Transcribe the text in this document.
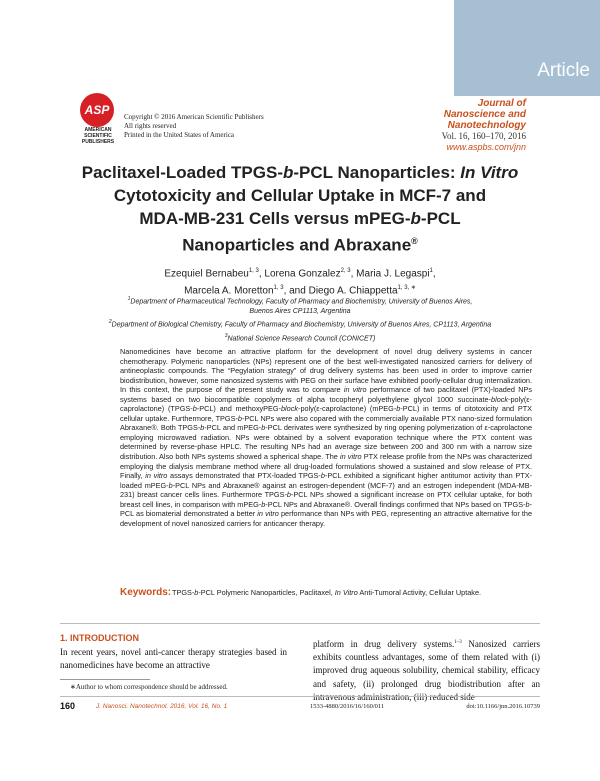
Article
ASP
AMERICAN
SCIENTIFIC
PUBLISHERS
Copyright © 2016 American Scientific Publishers
All rights reserved
Printed in the United States of America
Journal of
Nanoscience and Nanotechnology
Vol. 16, 160–170, 2016
www.aspbs.com/jnn
Paclitaxel-Loaded TPGS-b-PCL Nanoparticles: In Vitro
Cytotoxicity and Cellular Uptake in MCF-7 and
MDA-MB-231 Cells versus mPEG-b-PCL
Nanoparticles and Abraxane®
Ezequiel Bernabeu$^{1, 3}$, Lorena Gonzalez$^{2, 3}$, Maria J. Legaspi$^1$,
Marcela A. Moretton$^{1, 3}$, and Diego A. Chiappetta$^{1, 3, ∗}$
$^1$Department of Pharmaceutical Technology, Faculty of Pharmacy and Biochemistry, University of Buenos Aires,
Buenos Aires CP1113, Argentina
$^2$Department of Biological Chemistry, Faculty of Pharmacy and Biochemistry, University of Buenos Aires, CP1113, Argentina
$^3$National Science Research Council (CONICET)
Nanomedicines have become an attractive platform for the development of novel drug delivery systems in cancer chemotherapy. Polymeric nanoparticles (NPs) represent one of the best well-investigated nanosized carriers for delivery of antineoplastic compounds. The “Pegylation strategy” of drug delivery systems has been used in order to improve carrier biodistribution, however, some nanosized systems with PEG on their surface have exhibited poorly-cellular drug internalization. In this context, the purpose of the present study was to compare in vitro performance of two paclitaxel (PTX)-loaded NPs systems based on two biocompatible copolymers of alpha tocopheryl polyethylene glycol 1000 succinate-block-poly(ε-caprolactone) (TPGS-b-PCL) and methoxyPEG-block-poly(ε-caprolactone) (mPEG-b-PCL) in terms of citotoxicity and PTX cellular uptake. Furthermore, TPGS-b-PCL NPs were also copared with the commercially available PTX nano-sized formulation Abraxane®. Both TPGS-b-PCL and mPEG-b-PCL derivates were synthesized by ring opening polymerization of ε-caprolactone employing microwaved radiation. NPs were obtained by a solvent evaporation technique where the PTX content was determined by reverse-phase HPLC. The resulting NPs had an average size between 200 and 300 nm with a narrow size distribution. Also both NPs systems showed a spherical shape. The in vitro PTX release profile from the NPs was characterized employing the dialysis membrane method where all drug-loaded formulations showed a sustained and slow release of PTX. Finally, in vitro assays demonstrated that PTX-loaded TPGS-b-PCL exhibited a significant higher antitumor activity than PTX-loaded mPEG-b-PCL NPs and Abraxane® against an estrogen-dependent (MCF-7) and an estrogen independent (MDA-MB-231) breast cancer cells lines. Furthermore TPGS-b-PCL NPs showed a significant increase on PTX cellular uptake, for both breast cell lines, in comparison with mPEG-b-PCL NPs and Abraxane®. Overall findings confirmed that NPs based on TPGS-b-PCL as biomaterial demonstrated a better in vitro performance than NPs with PEG, representing an attractive alternative for the development of novel nanosized carriers for anticancer therapy.
Keywords: TPGS-b-PCL Polymeric Nanoparticles, Paclitaxel, In Vitro Anti-Tumoral Activity, Cellular Uptake.
1. INTRODUCTION
In recent years, novel anti-cancer therapy strategies based in nanomedicines have become an attractive
platform in drug delivery systems.$^{1-3}$ Nanosized carriers exhibits countless advantages, some of them related with (i) improved drug aqueous solubility, chemical stability, efficacy and safety, (ii) prolonged drug biodistribution after an
∗Author to whom correspondence should be addressed.
160	J. Nanosci. Nanotechnol. 2016, Vol. 16, No. 1	1533-4880/2016/16/160/011	doi:10.1166/jnn.2016.10739
